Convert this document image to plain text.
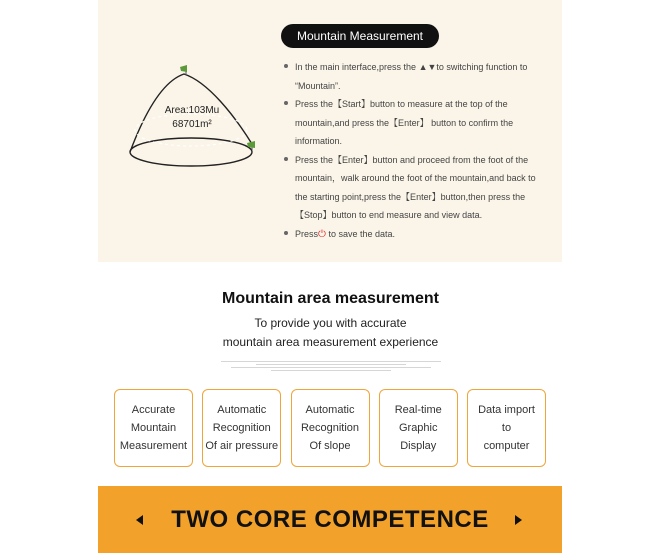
Area:103Mu
68701m²
Mountain Measurement
In the main interface,press the ▲▼to switching function to “Mountain”.
Press the【Start】button to measure at the top of the mountain,and press the【Enter】 button to confirm the information.
Press the【Enter】button and proceed from the foot of the mountain，walk around the foot of the mountain,and back to the starting point,press the【Enter】button,then press the【Stop】button to end measure and view data.
Press⏻ to save the data.
Mountain area measurement
To provide you with accurate
mountain area measurement experience
Accurate
Mountain
Measurement
Automatic
Recognition
Of air pressure
Automatic
Recognition
Of slope
Real-time
Graphic
Display
Data import
to
computer
TWO CORE COMPETENCE
